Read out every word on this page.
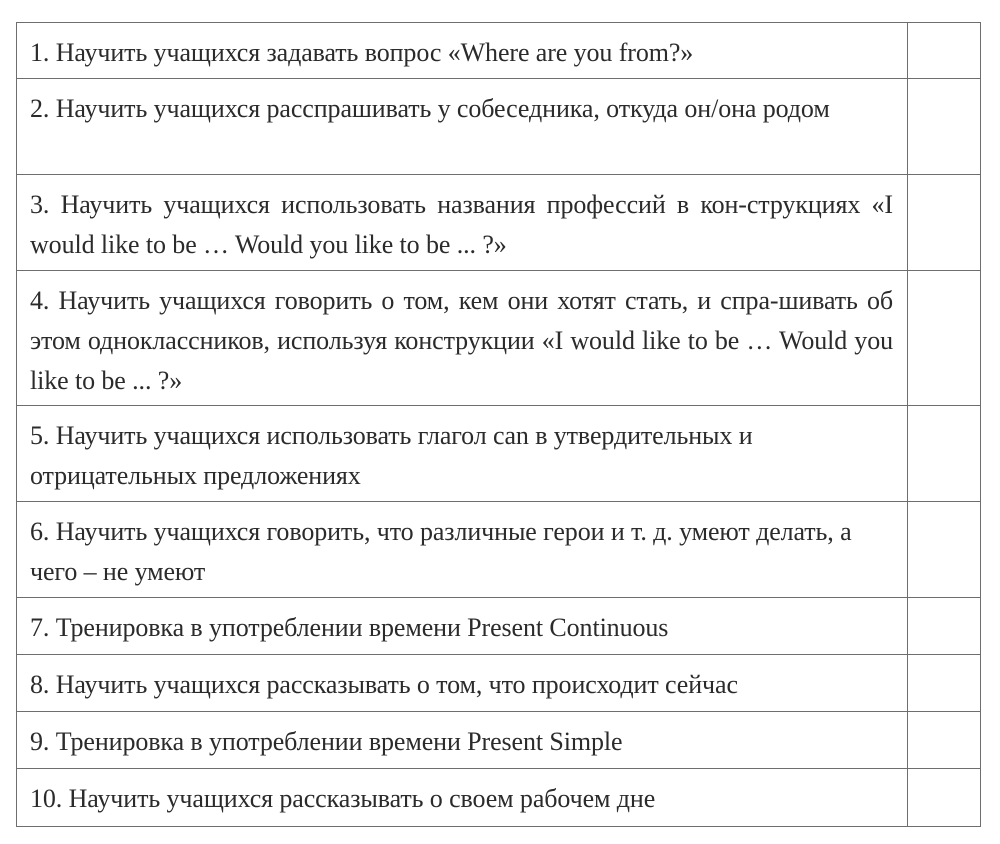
1. Научить учащихся задавать вопрос «Where are you from?»	

2. Научить учащихся расспрашивать у собеседника, откуда он/она родом	

3. Научить учащихся использовать названия профессий в кон-струкциях «I would like to be … Would you like to be ... ?»	

4. Научить учащихся говорить о том, кем они хотят стать, и спра-шивать об этом одноклассников, используя конструкции «I would like to be … Would you like to be ... ?»	

5. Научить учащихся использовать глагол can в утвердительных и отрицательных предложениях	

6. Научить учащихся говорить, что различные герои и т. д. умеют делать, а чего – не умеют	

7. Тренировка в употреблении времени Present Continuous	

8. Научить учащихся рассказывать о том, что происходит сейчас	

9. Тренировка в употреблении времени Present Simple	

10. Научить учащихся рассказывать о своем рабочем дне	
